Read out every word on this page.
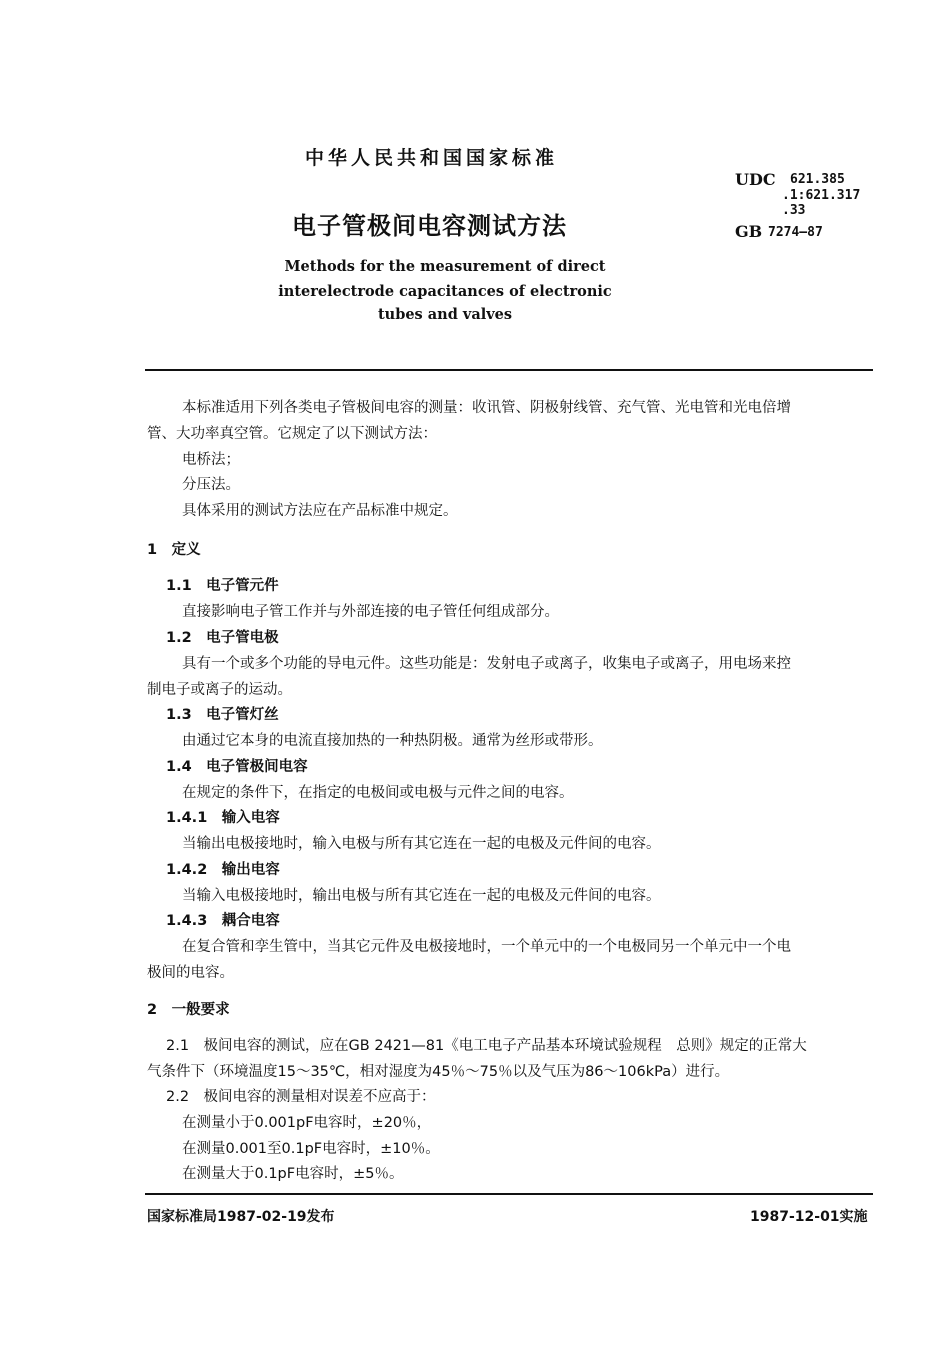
中华人民共和国国家标准
UDC 621.385
.1:621.317
.33
GB 7274—87
电子管极间电容测试方法
Methods for the measurement of direct
interelectrode capacitances of electronic
tubes and valves
本标准适用下列各类电子管极间电容的测量：收讯管、阴极射线管、充气管、光电管和光电倍增
管、大功率真空管。它规定了以下测试方法：
电桥法；
分压法。
具体采用的测试方法应在产品标准中规定。
1　定义
1.1　电子管元件
直接影响电子管工作并与外部连接的电子管任何组成部分。
1.2　电子管电极
具有一个或多个功能的导电元件。这些功能是：发射电子或离子，收集电子或离子，用电场来控
制电子或离子的运动。
1.3　电子管灯丝
由通过它本身的电流直接加热的一种热阴极。通常为丝形或带形。
1.4　电子管极间电容
在规定的条件下，在指定的电极间或电极与元件之间的电容。
1.4.1　输入电容
当输出电极接地时，输入电极与所有其它连在一起的电极及元件间的电容。
1.4.2　输出电容
当输入电极接地时，输出电极与所有其它连在一起的电极及元件间的电容。
1.4.3　耦合电容
在复合管和孪生管中，当其它元件及电极接地时，一个单元中的一个电极同另一个单元中一个电
极间的电容。
2　一般要求
2.1　极间电容的测试，应在GB 2421—81《电工电子产品基本环境试验规程　总则》规定的正常大
气条件下（环境温度15～35℃，相对湿度为45％～75％以及气压为86～106kPa）进行。
2.2　极间电容的测量相对误差不应高于：
在测量小于0.001pF电容时，±20％，
在测量0.001至0.1pF电容时，±10％。
在测量大于0.1pF电容时，±5％。
国家标准局1987-02-19发布	1987-12-01实施
